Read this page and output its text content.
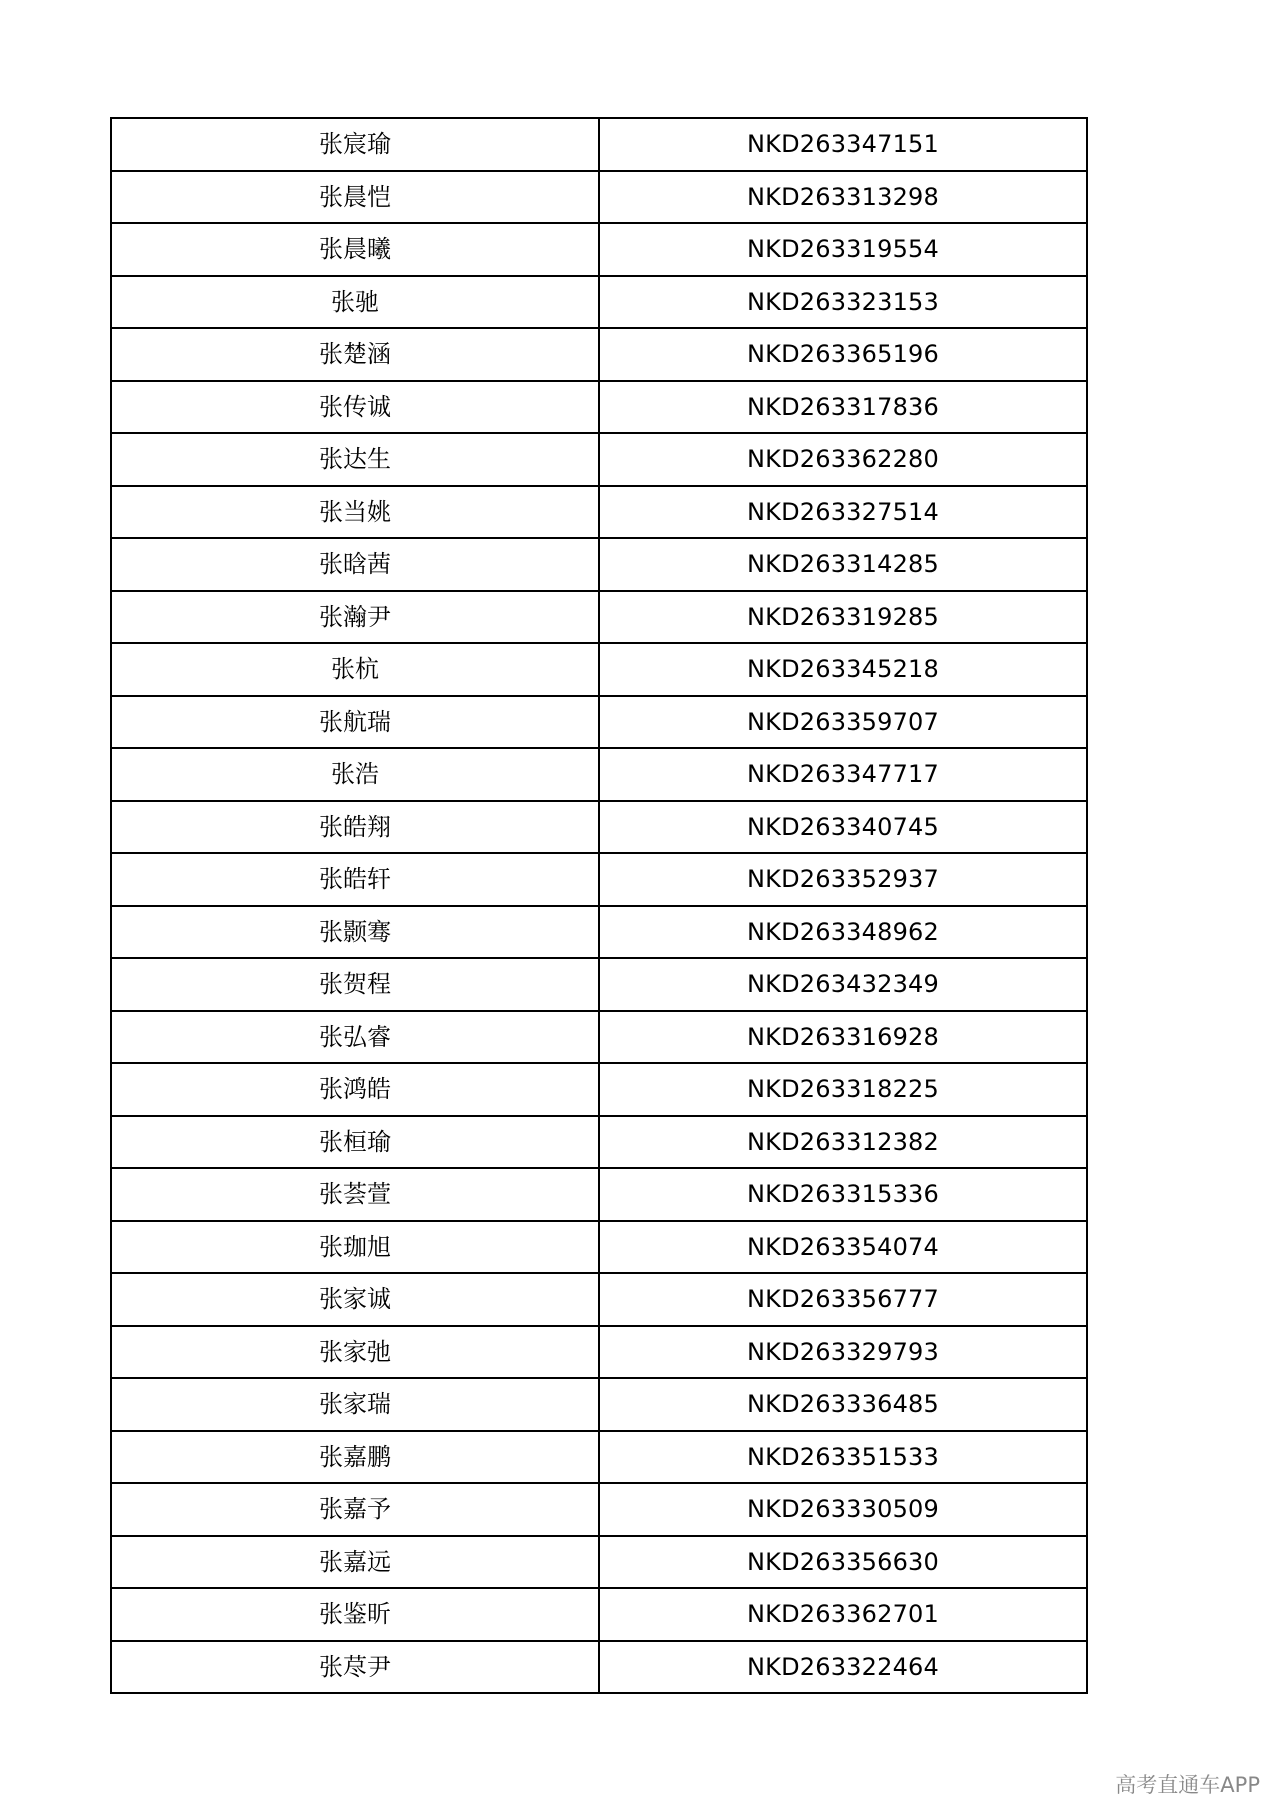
张宸瑜	NKD263347151
张晨恺	NKD263313298
张晨曦	NKD263319554
张驰	NKD263323153
张楚涵	NKD263365196
张传诚	NKD263317836
张达生	NKD263362280
张当姚	NKD263327514
张晗茜	NKD263314285
张瀚尹	NKD263319285
张杭	NKD263345218
张航瑞	NKD263359707
张浩	NKD263347717
张皓翔	NKD263340745
张皓轩	NKD263352937
张颢骞	NKD263348962
张贺程	NKD263432349
张弘睿	NKD263316928
张鸿皓	NKD263318225
张桓瑜	NKD263312382
张荟萱	NKD263315336
张珈旭	NKD263354074
张家诚	NKD263356777
张家弛	NKD263329793
张家瑞	NKD263336485
张嘉鹏	NKD263351533
张嘉予	NKD263330509
张嘉远	NKD263356630
张鉴昕	NKD263362701
张荩尹	NKD263322464
高考直通车APP
